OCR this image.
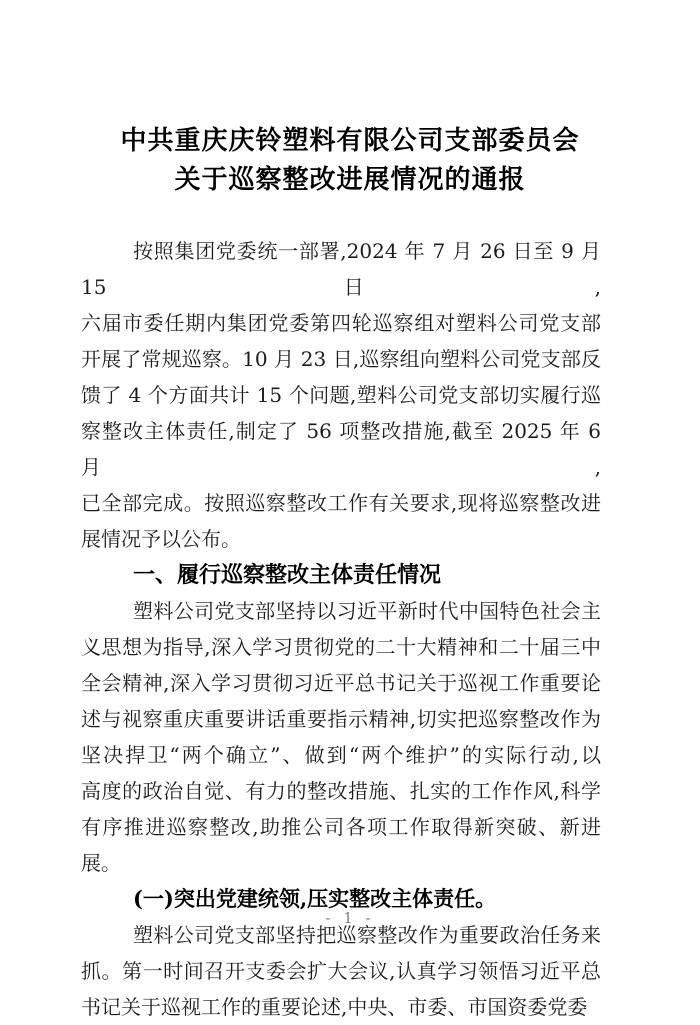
中共重庆庆铃塑料有限公司支部委员会
关于巡察整改进展情况的通报
按照集团党委统一部署,2024 年 7 月 26 日至 9 月 15 日,
六届市委任期内集团党委第四轮巡察组对塑料公司党支部
开展了常规巡察。10 月 23 日,巡察组向塑料公司党支部反
馈了 4 个方面共计 15 个问题,塑料公司党支部切实履行巡
察整改主体责任,制定了 56 项整改措施,截至 2025 年 6 月,
已全部完成。按照巡察整改工作有关要求,现将巡察整改进
展情况予以公布。
一、履行巡察整改主体责任情况
塑料公司党支部坚持以习近平新时代中国特色社会主
义思想为指导,深入学习贯彻党的二十大精神和二十届三中
全会精神,深入学习贯彻习近平总书记关于巡视工作重要论
述与视察重庆重要讲话重要指示精神,切实把巡察整改作为
坚决捍卫“两个确立”、做到“两个维护”的实际行动,以
高度的政治自觉、有力的整改措施、扎实的工作作风,科学
有序推进巡察整改,助推公司各项工作取得新突破、新进展。
(一)突出党建统领,压实整改主体责任。
塑料公司党支部坚持把巡察整改作为重要政治任务来
抓。第一时间召开支委会扩大会议,认真学习领悟习近平总
书记关于巡视工作的重要论述,中央、市委、市国资委党委
- 1 -
